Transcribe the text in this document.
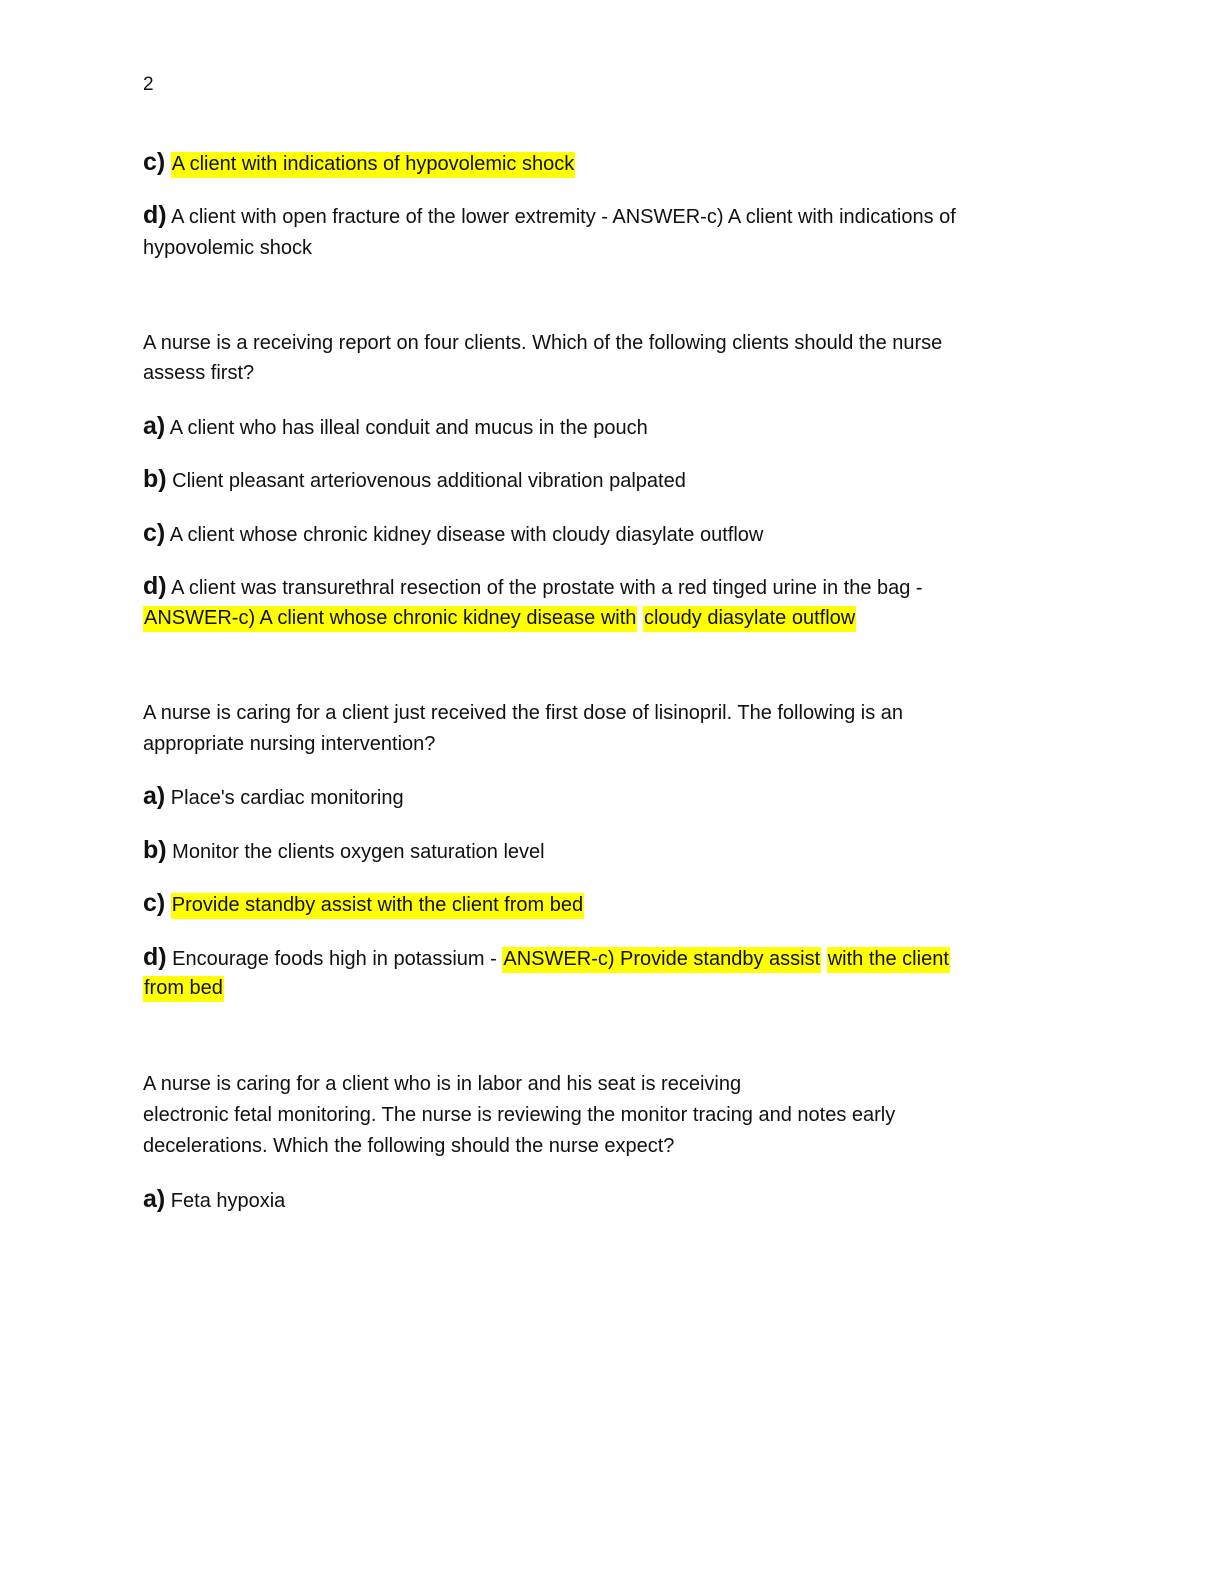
2
c) A client with indications of hypovolemic shock
d) A client with open fracture of the lower extremity - ANSWER-c) A client with indications of
hypovolemic shock
A nurse is a receiving report on four clients. Which of the following clients should the nurse
assess first?
a) A client who has illeal conduit and mucus in the pouch
b) Client pleasant arteriovenous additional vibration palpated
c) A client whose chronic kidney disease with cloudy diasylate outflow
d) A client was transurethral resection of the prostate with a red tinged urine in the bag -
ANSWER-c) A client whose chronic kidney disease with cloudy diasylate outflow
A nurse is caring for a client just received the first dose of lisinopril. The following is an
appropriate nursing intervention?
a) Place's cardiac monitoring
b) Monitor the clients oxygen saturation level
c) Provide standby assist with the client from bed
d) Encourage foods high in potassium - ANSWER-c) Provide standby assist with the client
from bed
A nurse is caring for a client who is in labor and his seat is receiving
electronic fetal monitoring. The nurse is reviewing the monitor tracing and notes early
decelerations. Which the following should the nurse expect?
a) Feta hypoxia
